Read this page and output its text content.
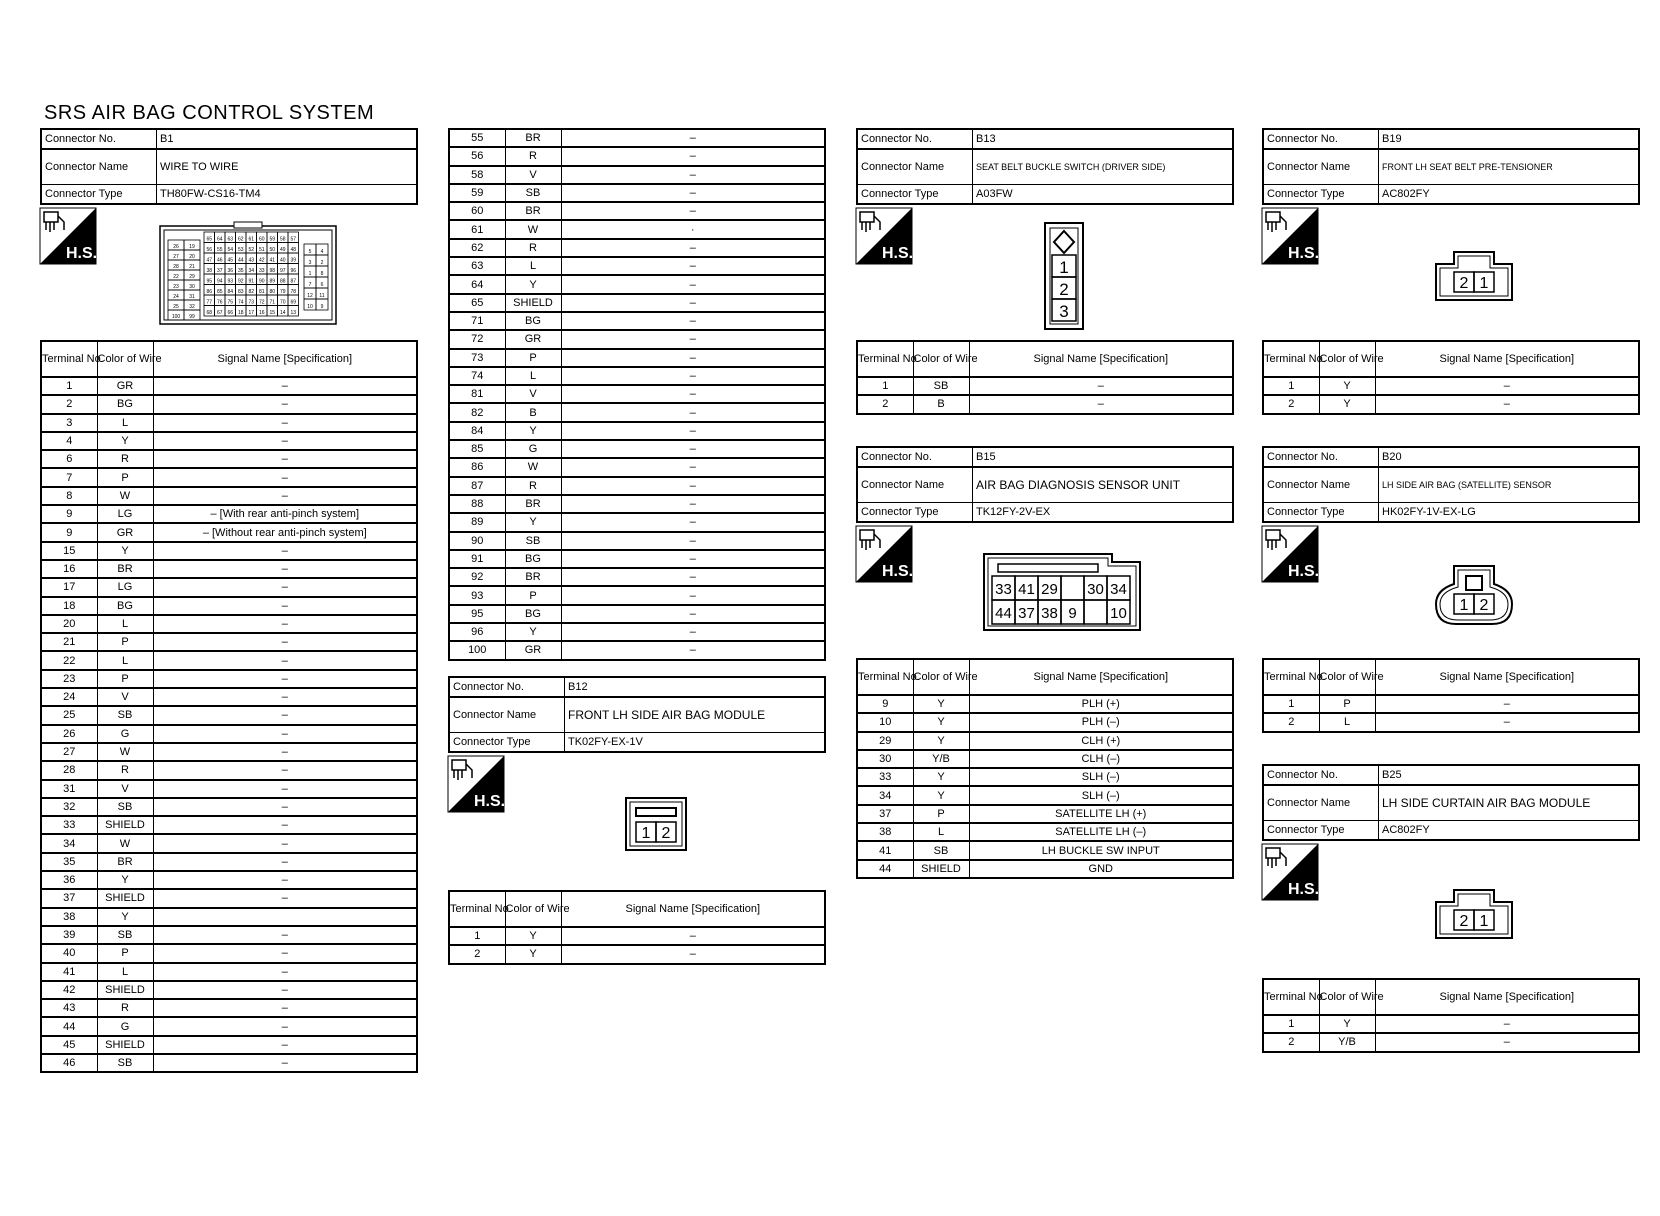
SRS AIR BAG CONTROL SYSTEM
Connector No.	B1
Connector Name	WIRE TO WIRE
Connector Type	TH80FW-CS16-TM4
H.S.	26 19
27 20
28 21
22 29
23 30
24 31
25 32
100 99
65 64 63 62 61 60 59 58 57
56 55 54 53 52 51 50 49 48
47 46 45 44 43 42 41 40 39
38 37 36 35 34 33 98 97 96
95 94 93 92 91 90 89 88 87
86 85 84 83 82 81 80 79 78
77 76 75 74 73 72 71 70 69
68 67 66 18 17 16 15 14 13
5 4
3 2
1 8
7 6
12 11
10 9
Terminal No.	Color of Wire	Signal Name [Specification]
1	GR	–
2	BG	–
3	L	–
4	Y	–
6	R	–
7	P	–
8	W	–
9	LG	– [With rear anti-pinch system]
9	GR	– [Without rear anti-pinch system]
15	Y	–
16	BR	–
17	LG	–
18	BG	–
20	L	–
21	P	–
22	L	–
23	P	–
24	V	–
25	SB	–
26	G	–
27	W	–
28	R	–
31	V	–
32	SB	–
33	SHIELD	–
34	W	–
35	BR	–
36	Y	–
37	SHIELD	–
38	Y	
39	SB	–
40	P	–
41	L	–
42	SHIELD	–
43	R	–
44	G	–
45	SHIELD	–
46	SB	–
55	BR	–
56	R	–
58	V	–
59	SB	–
60	BR	–
61	W	·
62	R	–
63	L	–
64	Y	–
65	SHIELD	–
71	BG	–
72	GR	–
73	P	–
74	L	–
81	V	–
82	B	–
84	Y	–
85	G	–
86	W	–
87	R	–
88	BR	–
89	Y	–
90	SB	–
91	BG	–
92	BR	–
93	P	–
95	BG	–
96	Y	–
100	GR	–
Connector No.	B12
Connector Name	FRONT LH SIDE AIR BAG MODULE
Connector Type	TK02FY-EX-1V
H.S.
1 2
Terminal No.	Color of Wire	Signal Name [Specification]
1	Y	–
2	Y	–
Connector No.	B13
Connector Name	SEAT BELT BUCKLE SWITCH (DRIVER SIDE)
Connector Type	A03FW
H.S.
1
2
3
Terminal No.	Color of Wire	Signal Name [Specification]
1	SB	–
2	B	–
Connector No.	B15
Connector Name	AIR BAG DIAGNOSIS SENSOR UNIT
Connector Type	TK12FY-2V-EX
H.S.
33 41 29 30 34
44 37 38 9 10
Terminal No.	Color of Wire	Signal Name [Specification]
9	Y	PLH (+)
10	Y	PLH (–)
29	Y	CLH (+)
30	Y/B	CLH (–)
33	Y	SLH (–)
34	Y	SLH (–)
37	P	SATELLITE LH (+)
38	L	SATELLITE LH (–)
41	SB	LH BUCKLE SW INPUT
44	SHIELD	GND
Connector No.	B19
Connector Name	FRONT LH SEAT BELT PRE-TENSIONER
Connector Type	AC802FY
H.S.
2 1
Terminal No.	Color of Wire	Signal Name [Specification]
1	Y	–
2	Y	–
Connector No.	B20
Connector Name	LH SIDE AIR BAG (SATELLITE) SENSOR
Connector Type	HK02FY-1V-EX-LG
H.S.
1 2
Terminal No.	Color of Wire	Signal Name [Specification]
1	P	–
2	L	–
Connector No.	B25
Connector Name	LH SIDE CURTAIN AIR BAG MODULE
Connector Type	AC802FY
H.S.
2 1
Terminal No.	Color of Wire	Signal Name [Specification]
1	Y	–
2	Y/B	–
